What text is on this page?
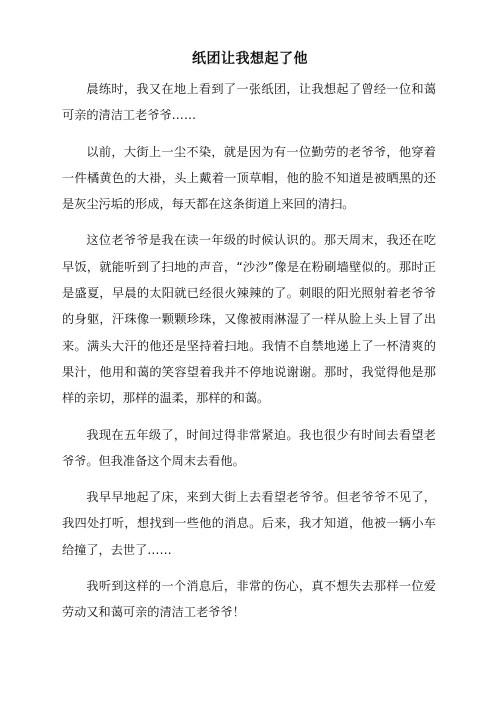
纸团让我想起了他

晨练时，我又在地上看到了一张纸团，让我想起了曾经一位和蔼可亲的清洁工老爷爷……

以前，大街上一尘不染，就是因为有一位勤劳的老爷爷，他穿着一件橘黄色的大褂，头上戴着一顶草帽，他的脸不知道是被晒黑的还是灰尘污垢的形成，每天都在这条街道上来回的清扫。

这位老爷爷是我在读一年级的时候认识的。那天周末，我还在吃早饭，就能听到了扫地的声音，“沙沙”像是在粉刷墙壁似的。那时正是盛夏，早晨的太阳就已经很火辣辣的了。刺眼的阳光照射着老爷爷的身躯，汗珠像一颗颗珍珠，又像被雨淋湿了一样从脸上头上冒了出来。满头大汗的他还是坚持着扫地。我情不自禁地递上了一杯清爽的果汁，他用和蔼的笑容望着我并不停地说谢谢。那时，我觉得他是那样的亲切，那样的温柔，那样的和蔼。

我现在五年级了，时间过得非常紧迫。我也很少有时间去看望老爷爷。但我准备这个周末去看他。

我早早地起了床，来到大街上去看望老爷爷。但老爷爷不见了，我四处打听，想找到一些他的消息。后来，我才知道，他被一辆小车给撞了，去世了……

我听到这样的一个消息后，非常的伤心，真不想失去那样一位爱劳动又和蔼可亲的清洁工老爷爷！
